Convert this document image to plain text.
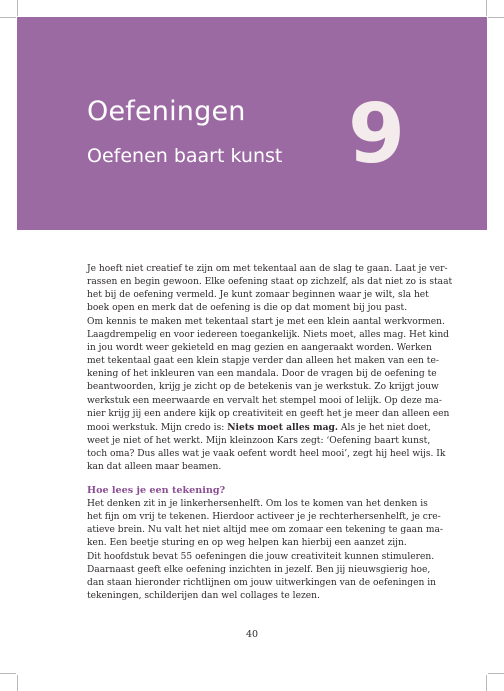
Oefeningen
Oefenen baart kunst 9
Je hoeft niet creatief te zijn om met tekentaal aan de slag te gaan. Laat je ver-
rassen en begin gewoon. Elke oefening staat op zichzelf, als dat niet zo is staat
het bij de oefening vermeld. Je kunt zomaar beginnen waar je wilt, sla het
boek open en merk dat de oefening is die op dat moment bij jou past.
Om kennis te maken met tekentaal start je met een klein aantal werkvormen.
Laagdrempelig en voor iedereen toegankelijk. Niets moet, alles mag. Het kind
in jou wordt weer gekieteld en mag gezien en aangeraakt worden. Werken
met tekentaal gaat een klein stapje verder dan alleen het maken van een te-
kening of het inkleuren van een mandala. Door de vragen bij de oefening te
beantwoorden, krijg je zicht op de betekenis van je werkstuk. Zo krijgt jouw
werkstuk een meerwaarde en vervalt het stempel mooi of lelijk. Op deze ma-
nier krijg jij een andere kijk op creativiteit en geeft het je meer dan alleen een
mooi werkstuk. Mijn credo is: Niets moet alles mag. Als je het niet doet,
weet je niet of het werkt. Mijn kleinzoon Kars zegt: ‘Oefening baart kunst,
toch oma? Dus alles wat je vaak oefent wordt heel mooi’, zegt hij heel wijs. Ik
kan dat alleen maar beamen.
Hoe lees je een tekening?
Het denken zit in je linkerhersenhelft. Om los te komen van het denken is
het fijn om vrij te tekenen. Hierdoor activeer je je rechterhersenhelft, je cre-
atieve brein. Nu valt het niet altijd mee om zomaar een tekening te gaan ma-
ken. Een beetje sturing en op weg helpen kan hierbij een aanzet zijn.
Dit hoofdstuk bevat 55 oefeningen die jouw creativiteit kunnen stimuleren.
Daarnaast geeft elke oefening inzichten in jezelf. Ben jij nieuwsgierig hoe,
dan staan hieronder richtlijnen om jouw uitwerkingen van de oefeningen in
tekeningen, schilderijen dan wel collages te lezen.
40
